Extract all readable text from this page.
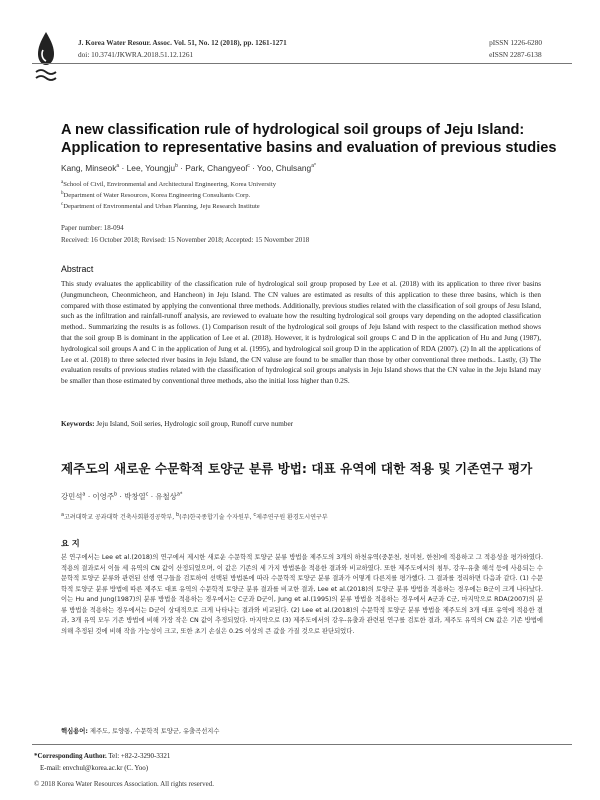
J. Korea Water Resour. Assoc. Vol. 51, No. 12 (2018), pp. 1261-1271
doi: 10.3741/JKWRA.2018.51.12.1261
pISSN 1226-6280
eISSN 2287-6138
A new classification rule of hydrological soil groups of Jeju Island: Application to representative basins and evaluation of previous studies
Kang, Minseok$^a$ · Lee, Youngju$^b$ · Park, Changyeol$^c$ · Yoo, Chulsang$^{a*}$
$^a$School of Civil, Environmental and Architectural Engineering, Korea University
$^b$Department of Water Resources, Korea Engineering Consultants Corp.
$^c$Department of Environmental and Urban Planning, Jeju Research Institute
Paper number: 18-094
Received: 16 October 2018; Revised: 15 November 2018; Accepted: 15 November 2018
Abstract
This study evaluates the applicability of the classification rule of hydrological soil group proposed by Lee et al. (2018) with its application to three river basins (Jungmuncheon, Cheonmicheon, and Hancheon) in Jeju Island. The CN values are estimated as results of this application to these three basins, which is then compared with those estimated by applying the conventional three methods. Additionally, previous studies related with the classification of soil groups of Jesu Island, such as the infiltration and rainfall-runoff analysis, are reviewed to evaluate how the resulting hydrological soil groups vary depending on the adopted classification method.. Summarizing the results is as follows. (1) Comparison result of the hydrological soil groups of Jeju Island with respect to the classification method shows that the soil group B is dominant in the application of Lee et al. (2018). However, it is hydrological soil groups C and D in the application of Hu and Jung (1987), hydrological soil groups A and C in the application of Jung et al. (1995), and hydrological soil group D in the application of RDA (2007). (2) In all the applications of Lee et al. (2018) to three selected river basins in Jeju Island, the CN valuse are found to be smaller than those by other conventional three methods.. Lastly, (3) The evaluation results of previous studies related with the classification of hydrological soil groups analysis in Jeju Island shows that the CN value in the Jeju Island may be smaller than those estimated by conventional three methods, also the initial loss higher than 0.2S.
Keywords: Jeju Island, Soil series, Hydrologic soil group, Runoff curve number
제주도의 새로운 수문학적 토양군 분류 방법: 대표 유역에 대한 적용 및 기존연구 평가
강민석$^a$ · 이영주$^b$ · 박창열$^c$ · 유철상$^{a*}$
$^a$고려대학교 공과대학 건축사회환경공학부, $^b$(주)한국종합기술 수자원부, $^c$제주연구원 환경도시연구부
요 지
본 연구에서는 Lee et al.(2018)의 연구에서 제시한 새로운 수문학적 토양군 분류 방법을 제주도의 3개의 하천유역(중문천, 천미천, 한천)에 적용하고 그 적용성을 평가하였다. 적용의 결과로서 이들 세 유역의 CN 값이 산정되었으며, 이 값은 기존의 세 가지 방법론을 적용한 결과와 비교하였다. 또한 제주도에서의 침투, 강우-유출 해석 등에 사용되는 수문학적 토양군 분류와 관련된 선행 연구들을 검토하여 선택된 방법론에 따라 수문학적 토양군 분류 결과가 어떻게 다른지를 평가했다. 그 결과를 정리하면 다음과 같다. (1) 수문학적 토양군 분류 방법에 따른 제주도 대표 유역의 수문학적 토양군 분류 결과를 비교한 결과, Lee et al.(2018)의 토양군 분류 방법을 적용하는 경우에는 B군이 크게 나타났다. 이는 Hu and Jung(1987)의 분류 방법을 적용하는 경우에서는 C군과 D군이, Jung et al.(1995)의 분류 방법을 적용하는 경우에서 A군과 C군, 마지막으로 RDA(2007)의 분류 방법을 적용하는 경우에서는 D군이 상대적으로 크게 나타나는 결과와 비교된다. (2) Lee et al.(2018)의 수문학적 토양군 분류 방법을 제주도의 3개 대표 유역에 적용한 결과, 3개 유역 모두 기존 방법에 비해 가장 작은 CN 값이 추정되었다. 마지막으로 (3) 제주도에서의 강우-유출과 관련된 연구를 검토한 결과, 제주도 유역의 CN 값은 기존 방법에 의해 추정된 것에 비해 작을 가능성이 크고, 또한 초기 손실은 0.2S 이상의 큰 값을 가질 것으로 판단되었다.
핵심용어: 제주도, 토양통, 수문학적 토양군, 유출곡선지수
*Corresponding Author. Tel: +82-2-3290-3321
E-mail: envchul@korea.ac.kr (C. Yoo)
© 2018 Korea Water Resources Association. All rights reserved.
